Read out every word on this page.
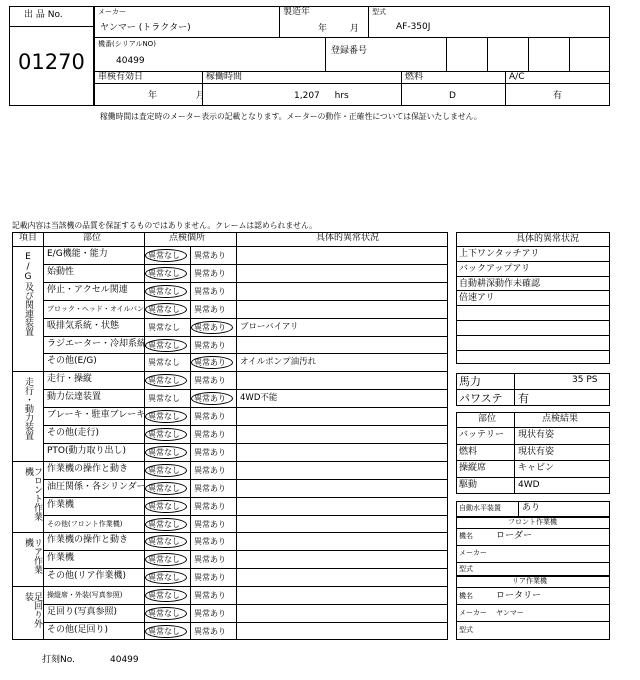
出 品 No.
01270
メーカー
ヤンマー (トラクター)
製造年
年 月
型式
AF-350J
機番(シリアルNO)
40499
登録番号
車検有効日
年 月
稼働時間
1,207 hrs
燃料
D
A/C
有
稼働時間は査定時のメーター表示の記載となります。メーターの動作・正確性については保証いたしません。
記載内容は当該機の品質を保証するものではありません。クレームは認められません。
項目	部位	点検個所	具体的異常状況
E/G及び関連装置 E/G機能・能力	異常なし 異常あり
始動性	異常なし 異常あり
停止・アクセル関連	異常なし 異常あり
ブロック・ヘッド・オイルパン 異常なし 異常あり
吸排気系統・状態	異常なし 異常あり ブローバイアリ
ラジエーター・冷却系統 異常なし 異常あり
その他(E/G)	異常なし 異常あり オイルポンプ油汚れ
走行・動力装置 走行・操縦	異常なし 異常あり
動力伝達装置	異常なし 異常あり 4WD不能
ブレーキ・駐車ブレーキ 異常なし 異常あり
その他(走行)	異常なし 異常あり
PTO(動力取り出し)	異常なし 異常あり
フロント作業機	作業機の操作と動き 異常なし 異常あり
油圧関係・各シリンダー 異常なし 異常あり
作業機	異常なし 異常あり
その他(フロント作業機)	異常なし 異常あり
リア作業機	作業機の操作と動き 異常なし 異常あり
作業機	異常なし 異常あり
その他(リア作業機)	異常なし 異常あり
足回り外装	操縦席・外装(写真参照)	異常なし 異常あり
足回り(写真参照)	異常なし 異常あり
その他(足回り)	異常なし 異常あり
具体的異常状況
上下ワンタッチアリ
バックアップアリ
自動耕深動作未確認
倍速アリ
馬力	35 PS
パワステ 有
部位	点検結果
バッテリー 現状有姿
燃料	現状有姿
操縦席	キャビン
駆動	4WD
自動水平装置 あり
フロント作業機
機名	ローダー
メーカー
型式
リア作業機
機名	ロータリー
メーカー ヤンマー
型式
打刻No.	40499
